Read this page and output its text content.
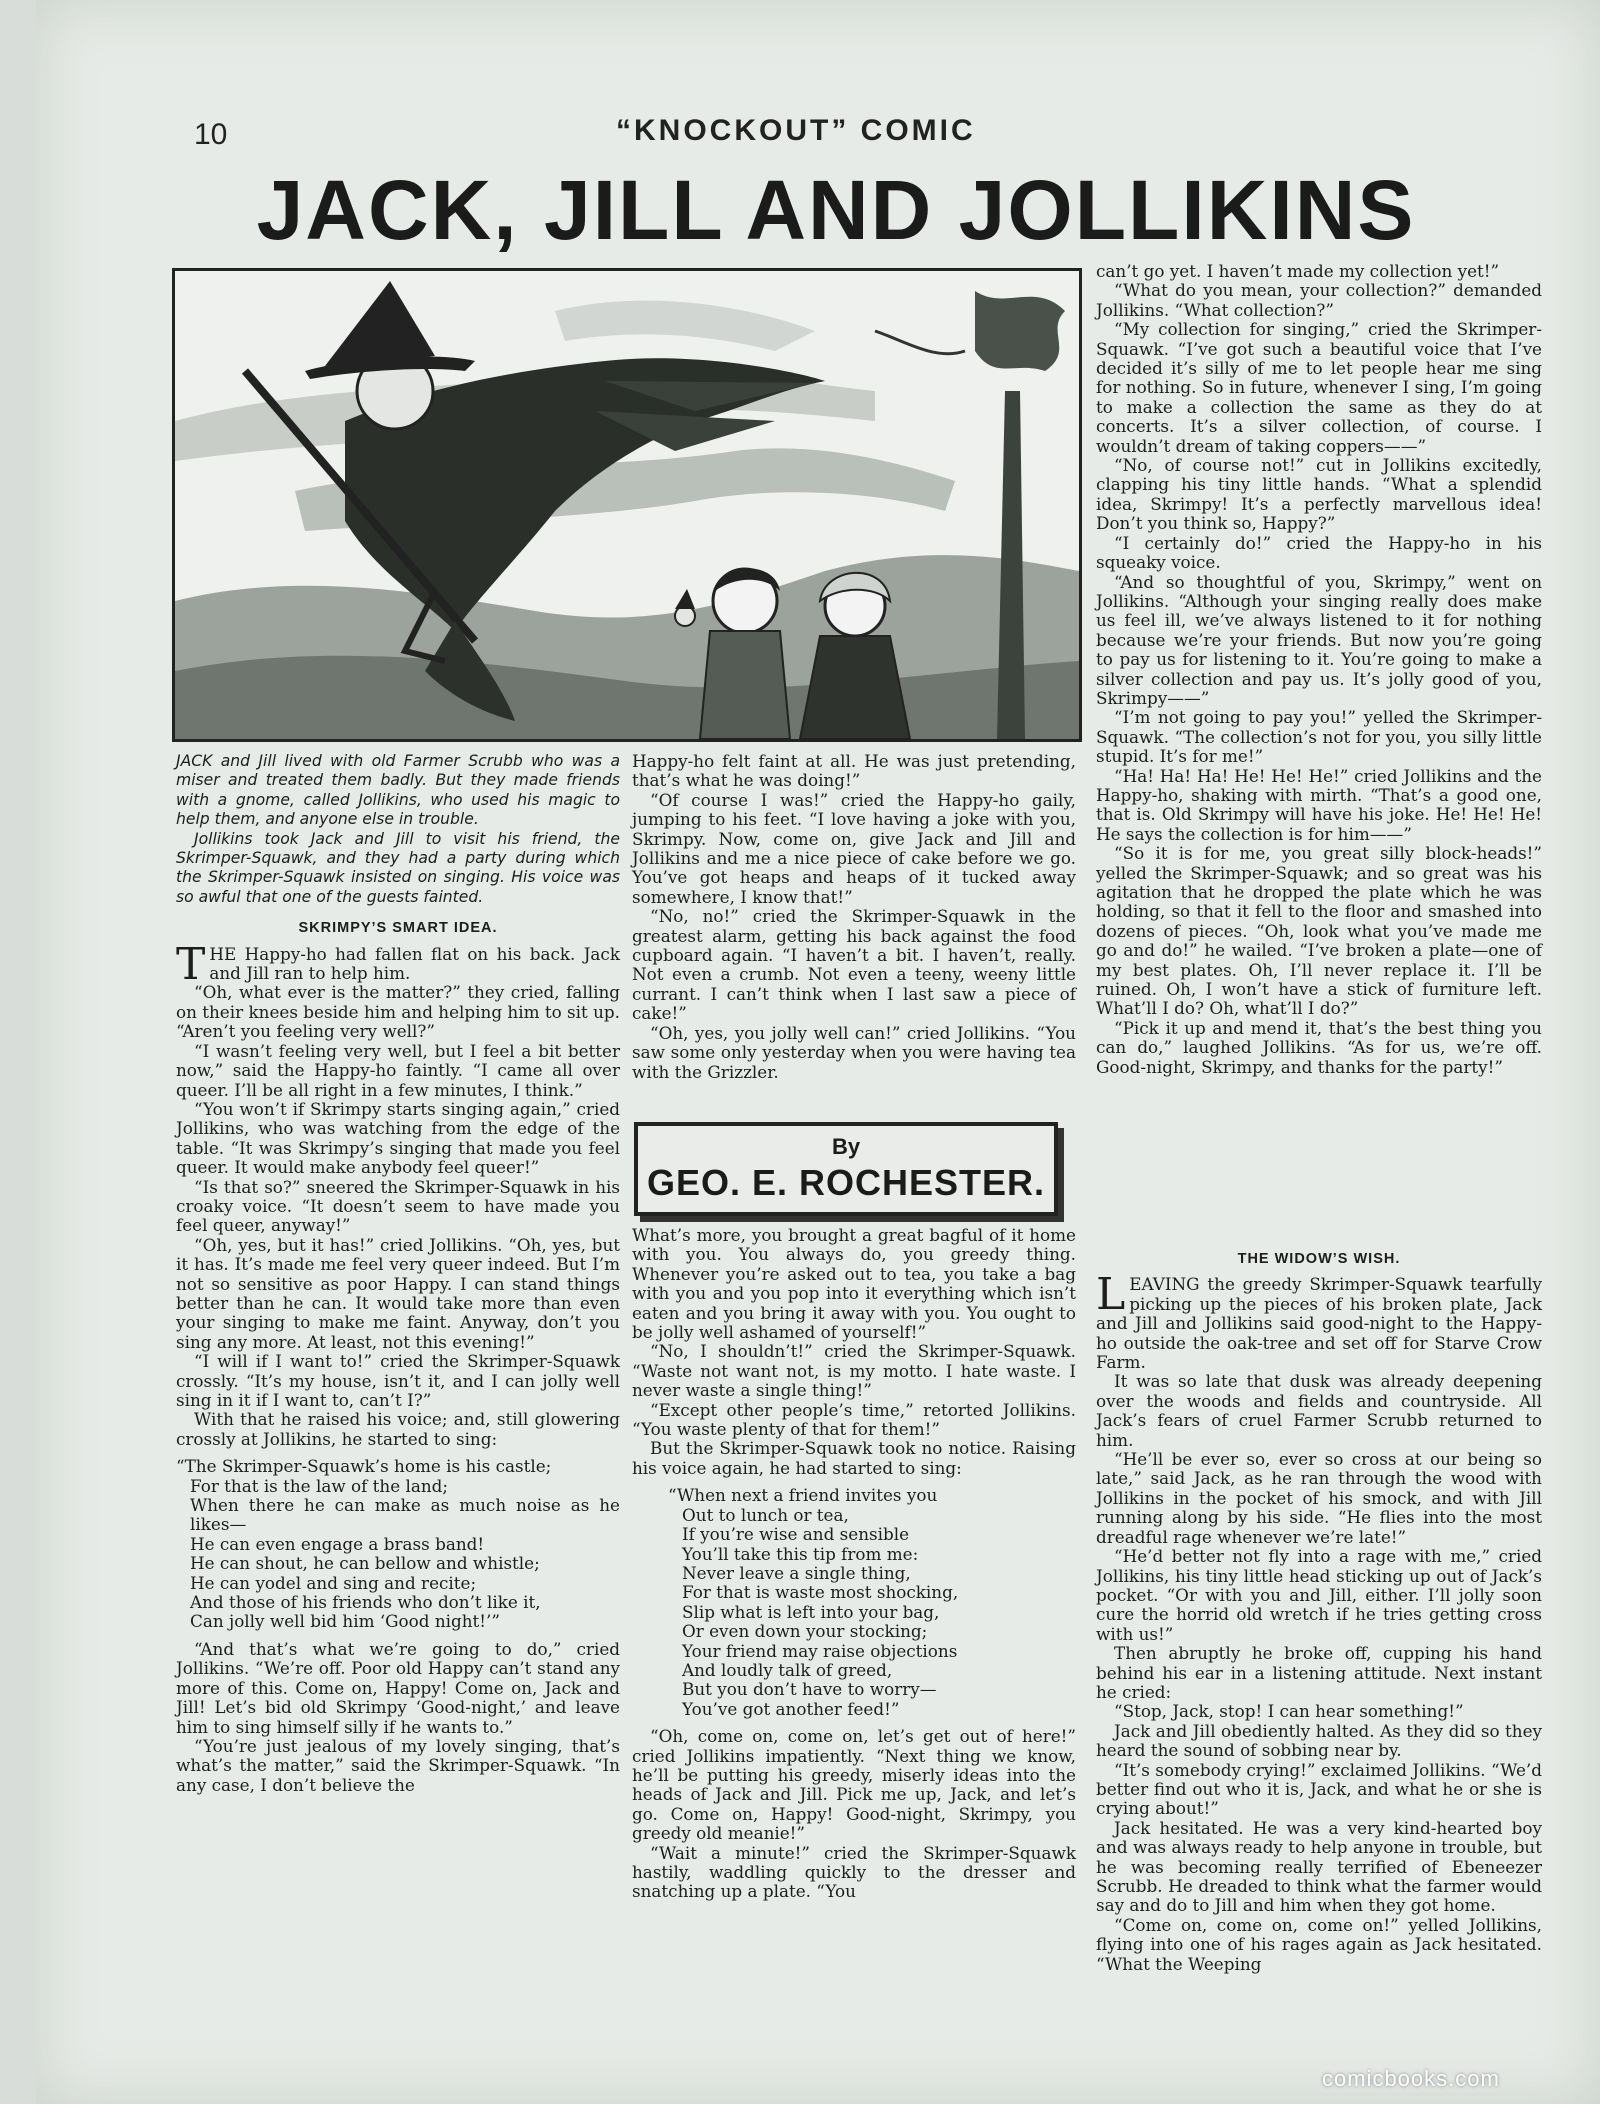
10	“KNOCKOUT” COMIC
JACK, JILL AND JOLLIKINS

JACK and Jill lived with old Farmer Scrubb who was a miser and treated them badly. But they made friends with a gnome, called Jollikins, who used his magic to help them, and anyone else in trouble.

Jollikins took Jack and Jill to visit his friend, the Skrimper-Squawk, and they had a party during which the Skrimper-Squawk insisted on singing. His voice was so awful that one of the guests fainted.

SKRIMPY’S SMART IDEA.

THE Happy-ho had fallen flat on his back. Jack and Jill ran to help him.

“Oh, what ever is the matter?” they cried, falling on their knees beside him and helping him to sit up. “Aren’t you feeling very well?”

“I wasn’t feeling very well, but I feel a bit better now,” said the Happy-ho faintly. “I came all over queer. I’ll be all right in a few minutes, I think.”

“You won’t if Skrimpy starts singing again,” cried Jollikins, who was watching from the edge of the table. “It was Skrimpy’s singing that made you feel queer. It would make anybody feel queer!”

“Is that so?” sneered the Skrimper-Squawk in his croaky voice. “It doesn’t seem to have made you feel queer, anyway!”

“Oh, yes, but it has!” cried Jollikins. “Oh, yes, but it has. It’s made me feel very queer indeed. But I’m not so sensitive as poor Happy. I can stand things better than he can. It would take more than even your singing to make me faint. Anyway, don’t you sing any more. At least, not this evening!”

“I will if I want to!” cried the Skrimper-Squawk crossly. “It’s my house, isn’t it, and I can jolly well sing in it if I want to, can’t I?”

With that he raised his voice; and, still glowering crossly at Jollikins, he started to sing:

“The Skrimper-Squawk’s home is his castle;
For that is the law of the land;
When there he can make as much noise as he likes—
He can even engage a brass band!
He can shout, he can bellow and whistle;
He can yodel and sing and recite;
And those of his friends who don’t like it,
Can jolly well bid him ‘Good night!’”

“And that’s what we’re going to do,” cried Jollikins. “We’re off. Poor old Happy can’t stand any more of this. Come on, Happy! Come on, Jack and Jill! Let’s bid old Skrimpy ‘Good-night,’ and leave him to sing himself silly if he wants to.”

“You’re just jealous of my lovely singing, that’s what’s the matter,” said the Skrimper-Squawk. “In any case, I don’t believe the

Happy-ho felt faint at all. He was just pretending, that’s what he was doing!”

“Of course I was!” cried the Happy-ho gaily, jumping to his feet. “I love having a joke with you, Skrimpy. Now, come on, give Jack and Jill and Jollikins and me a nice piece of cake before we go. You’ve got heaps and heaps of it tucked away somewhere, I know that!”

“No, no!” cried the Skrimper-Squawk in the greatest alarm, getting his back against the food cupboard again. “I haven’t a bit. I haven’t, really. Not even a crumb. Not even a teeny, weeny little currant. I can’t think when I last saw a piece of cake!”

“Oh, yes, you jolly well can!” cried Jollikins. “You saw some only yesterday when you were having tea with the Grizzler.

By
GEO. E. ROCHESTER.

What’s more, you brought a great bagful of it home with you. You always do, you greedy thing. Whenever you’re asked out to tea, you take a bag with you and you pop into it everything which isn’t eaten and you bring it away with you. You ought to be jolly well ashamed of yourself!”

“No, I shouldn’t!” cried the Skrimper-Squawk. “Waste not want not, is my motto. I hate waste. I never waste a single thing!”

“Except other people’s time,” retorted Jollikins. “You waste plenty of that for them!”

But the Skrimper-Squawk took no notice. Raising his voice again, he had started to sing:

“When next a friend invites you
Out to lunch or tea,
If you’re wise and sensible
You’ll take this tip from me:
Never leave a single thing,
For that is waste most shocking,
Slip what is left into your bag,
Or even down your stocking;
Your friend may raise objections
And loudly talk of greed,
But you don’t have to worry—
You’ve got another feed!”

“Oh, come on, come on, let’s get out of here!” cried Jollikins impatiently. “Next thing we know, he’ll be putting his greedy, miserly ideas into the heads of Jack and Jill. Pick me up, Jack, and let’s go. Come on, Happy! Good-night, Skrimpy, you greedy old meanie!”

“Wait a minute!” cried the Skrimper-Squawk hastily, waddling quickly to the dresser and snatching up a plate. “You

can’t go yet. I haven’t made my collection yet!”

“What do you mean, your collection?” demanded Jollikins. “What collection?”

“My collection for singing,” cried the Skrimper-Squawk. “I’ve got such a beautiful voice that I’ve decided it’s silly of me to let people hear me sing for nothing. So in future, whenever I sing, I’m going to make a collection the same as they do at concerts. It’s a silver collection, of course. I wouldn’t dream of taking coppers——”

“No, of course not!” cut in Jollikins excitedly, clapping his tiny little hands. “What a splendid idea, Skrimpy! It’s a perfectly marvellous idea! Don’t you think so, Happy?”

“I certainly do!” cried the Happy-ho in his squeaky voice.

“And so thoughtful of you, Skrimpy,” went on Jollikins. “Although your singing really does make us feel ill, we’ve always listened to it for nothing because we’re your friends. But now you’re going to pay us for listening to it. You’re going to make a silver collection and pay us. It’s jolly good of you, Skrimpy——”

“I’m not going to pay you!” yelled the Skrimper-Squawk. “The collection’s not for you, you silly little stupid. It’s for me!”

“Ha! Ha! Ha! He! He! He!” cried Jollikins and the Happy-ho, shaking with mirth. “That’s a good one, that is. Old Skrimpy will have his joke. He! He! He! He says the collection is for him——”

“So it is for me, you great silly block-heads!” yelled the Skrimper-Squawk; and so great was his agitation that he dropped the plate which he was holding, so that it fell to the floor and smashed into dozens of pieces. “Oh, look what you’ve made me go and do!” he wailed. “I’ve broken a plate—one of my best plates. Oh, I’ll never replace it. I’ll be ruined. Oh, I won’t have a stick of furniture left. What’ll I do? Oh, what’ll I do?”

“Pick it up and mend it, that’s the best thing you can do,” laughed Jollikins. “As for us, we’re off. Good-night, Skrimpy, and thanks for the party!”

THE WIDOW’S WISH.

LEAVING the greedy Skrimper-Squawk tearfully picking up the pieces of his broken plate, Jack and Jill and Jollikins said good-night to the Happy-ho outside the oak-tree and set off for Starve Crow Farm.

It was so late that dusk was already deepening over the woods and fields and countryside. All Jack’s fears of cruel Farmer Scrubb returned to him.

“He’ll be ever so, ever so cross at our being so late,” said Jack, as he ran through the wood with Jollikins in the pocket of his smock, and with Jill running along by his side. “He flies into the most dreadful rage whenever we’re late!”

“He’d better not fly into a rage with me,” cried Jollikins, his tiny little head sticking up out of Jack’s pocket. “Or with you and Jill, either. I’ll jolly soon cure the horrid old wretch if he tries getting cross with us!”

Then abruptly he broke off, cupping his hand behind his ear in a listening attitude. Next instant he cried:

“Stop, Jack, stop! I can hear something!”

Jack and Jill obediently halted. As they did so they heard the sound of sobbing near by.

“It’s somebody crying!” exclaimed Jollikins. “We’d better find out who it is, Jack, and what he or she is crying about!”

Jack hesitated. He was a very kind-hearted boy and was always ready to help anyone in trouble, but he was becoming really terrified of Ebeneezer Scrubb. He dreaded to think what the farmer would say and do to Jill and him when they got home.

“Come on, come on, come on!” yelled Jollikins, flying into one of his rages again as Jack hesitated. “What the Weeping

comicbooks.com
